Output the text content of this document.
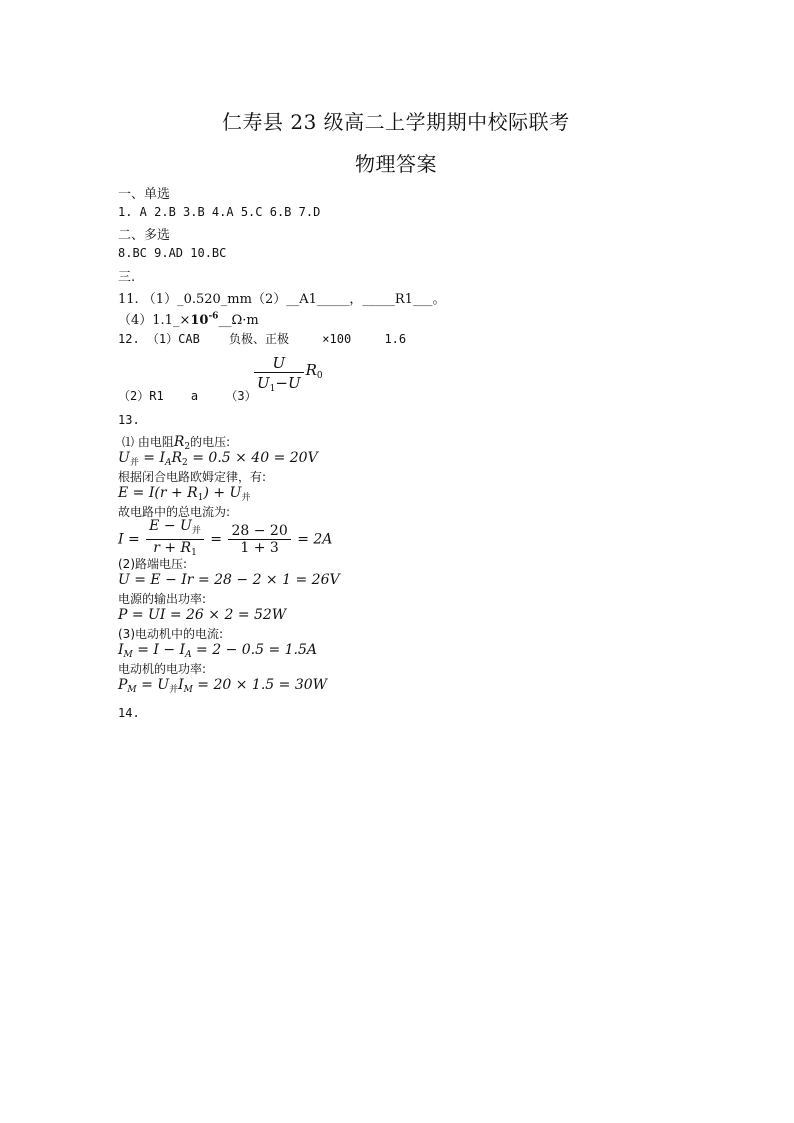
仁寿县 23 级高二上学期期中校际联考
物理答案
一、单选
1. A 2.B 3.B 4.A 5.C 6.B 7.D
二、多选
8.BC 9.AD 10.BC
三.
11. （1）_0.520_mm（2）__A1_____，_____R1___。
$(4)1.1\_\times 10^{-6}\_\_\Omega\cdot m$
12. （1）CAB 负极、正极	×100	1.6
（2）R1 a （3）
$\frac{U}{U_1-U} R_0$
13.
⑴ 由电阻$R_2$的电压:
$U_并 = I_AR_2 = 0.5 \times 40 = 20V$
根据闭合电路欧姆定律，有:
$E = I(r + R_1) + U_并$
故电路中的总电流为:
$I = \frac{E - U_并}{r + R_1} = \frac{28 - 20}{1 + 3} = 2A$
(2)路端电压:
U = E − Ir = 28 − 2 × 1 = 26V
电源的输出功率:
P = UI = 26 × 2 = 52W
(3)电动机中的电流:
$I_M = I - I_A = 2 - 0.5 = 1.5A$
电动机的电功率:
$P_M = U_并I_M = 20 \times 1.5 = 30W$
14.
